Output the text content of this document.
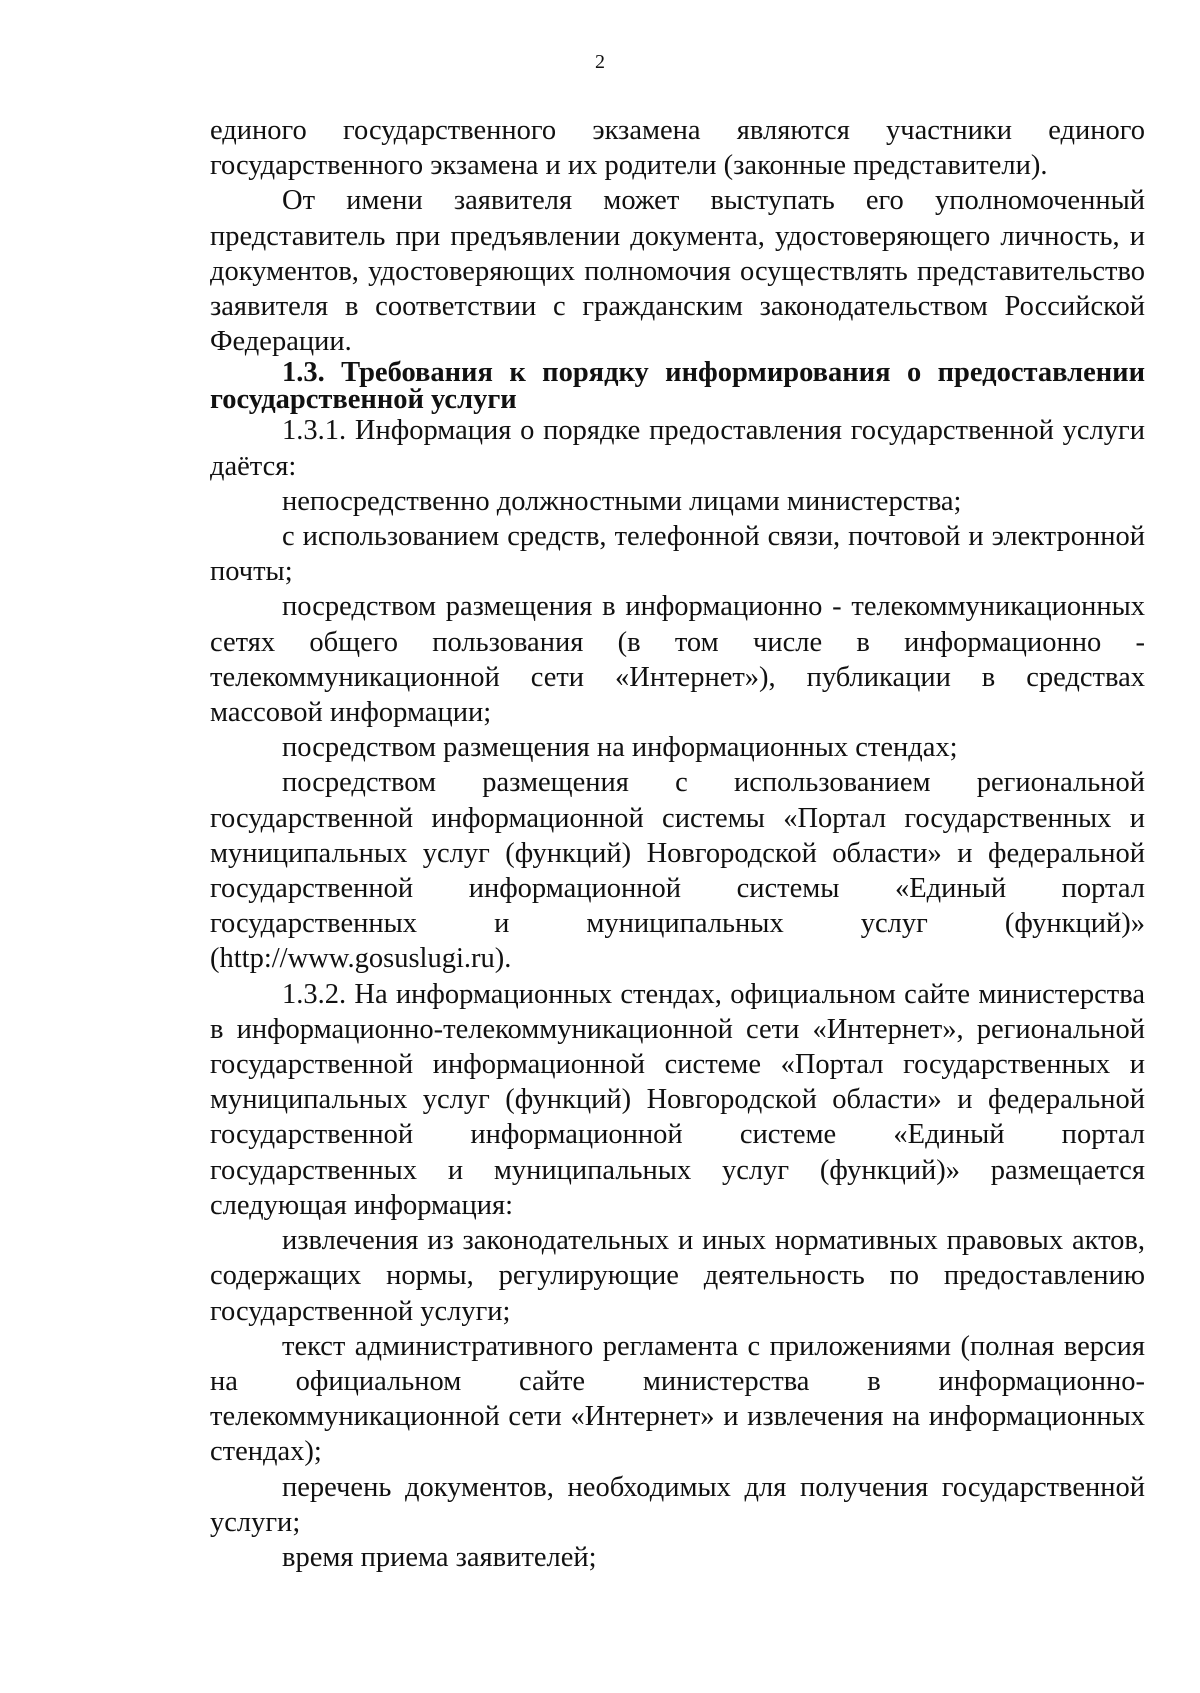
2

единого государственного экзамена являются участники единого государственного экзамена и их родители (законные представители).

От имени заявителя может выступать его уполномоченный представитель при предъявлении документа, удостоверяющего личность, и документов, удостоверяющих полномочия осуществлять представительство заявителя в соответствии с гражданским законодательством Российской Федерации.

1.3. Требования к порядку информирования о предоставлении государственной услуги

1.3.1. Информация о порядке предоставления государственной услуги даётся:

непосредственно должностными лицами министерства;

с использованием средств, телефонной связи, почтовой и электронной почты;

посредством размещения в информационно - телекоммуникационных сетях общего пользования (в том числе в информационно - телекоммуникационной сети «Интернет»), публикации в средствах массовой информации;

посредством размещения на информационных стендах;

посредством размещения с использованием региональной государственной информационной системы «Портал государственных и муниципальных услуг (функций) Новгородской области» и федеральной государственной информационной системы «Единый портал государственных и муниципальных услуг (функций)» (http://www.gosuslugi.ru).

1.3.2. На информационных стендах, официальном сайте министерства в информационно-телекоммуникационной сети «Интернет», региональной государственной информационной системе «Портал государственных и муниципальных услуг (функций) Новгородской области» и федеральной государственной информационной системе «Единый портал государственных и муниципальных услуг (функций)» размещается следующая информация:

извлечения из законодательных и иных нормативных правовых актов, содержащих нормы, регулирующие деятельность по предоставлению государственной услуги;

текст административного регламента с приложениями (полная версия на официальном сайте министерства в информационно-телекоммуникационной сети «Интернет» и извлечения на информационных стендах);

перечень документов, необходимых для получения государственной услуги;

время приема заявителей;
